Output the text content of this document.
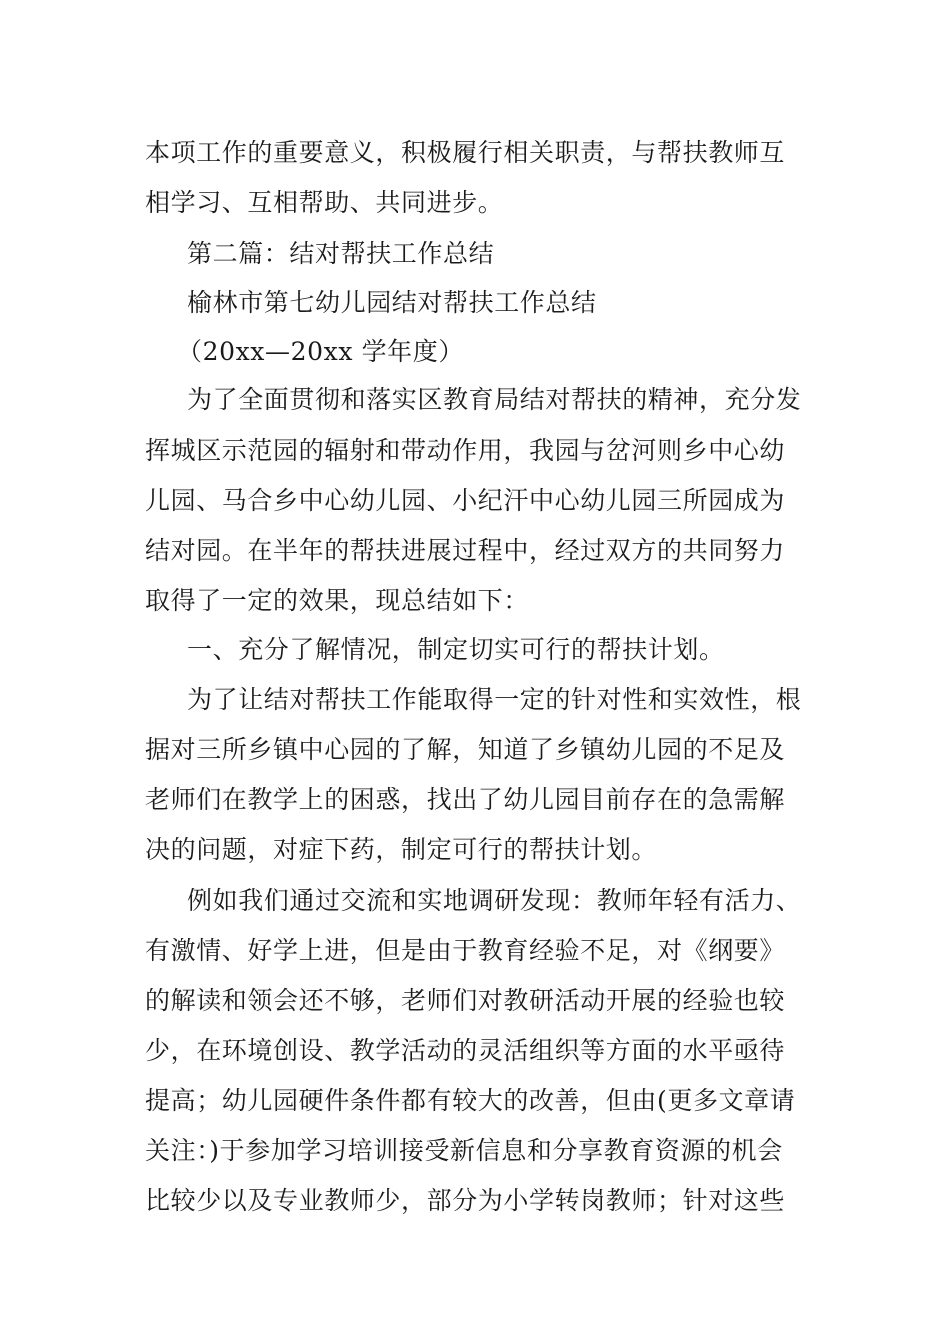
本项工作的重要意义，积极履行相关职责，与帮扶教师互
相学习、互相帮助、共同进步。
第二篇：结对帮扶工作总结
榆林市第七幼儿园结对帮扶工作总结
（20xx—20xx 学年度）
为了全面贯彻和落实区教育局结对帮扶的精神，充分发
挥城区示范园的辐射和带动作用，我园与岔河则乡中心幼
儿园、马合乡中心幼儿园、小纪汗中心幼儿园三所园成为
结对园。在半年的帮扶进展过程中，经过双方的共同努力
取得了一定的效果，现总结如下：
一、充分了解情况，制定切实可行的帮扶计划。
为了让结对帮扶工作能取得一定的针对性和实效性，根
据对三所乡镇中心园的了解，知道了乡镇幼儿园的不足及
老师们在教学上的困惑，找出了幼儿园目前存在的急需解
决的问题，对症下药，制定可行的帮扶计划。
例如我们通过交流和实地调研发现：教师年轻有活力、
有激情、好学上进，但是由于教育经验不足，对《纲要》
的解读和领会还不够，老师们对教研活动开展的经验也较
少，在环境创设、教学活动的灵活组织等方面的水平亟待
提高；幼儿园硬件条件都有较大的改善，但由(更多文章请
关注：)于参加学习培训接受新信息和分享教育资源的机会
比较少以及专业教师少，部分为小学转岗教师；针对这些
